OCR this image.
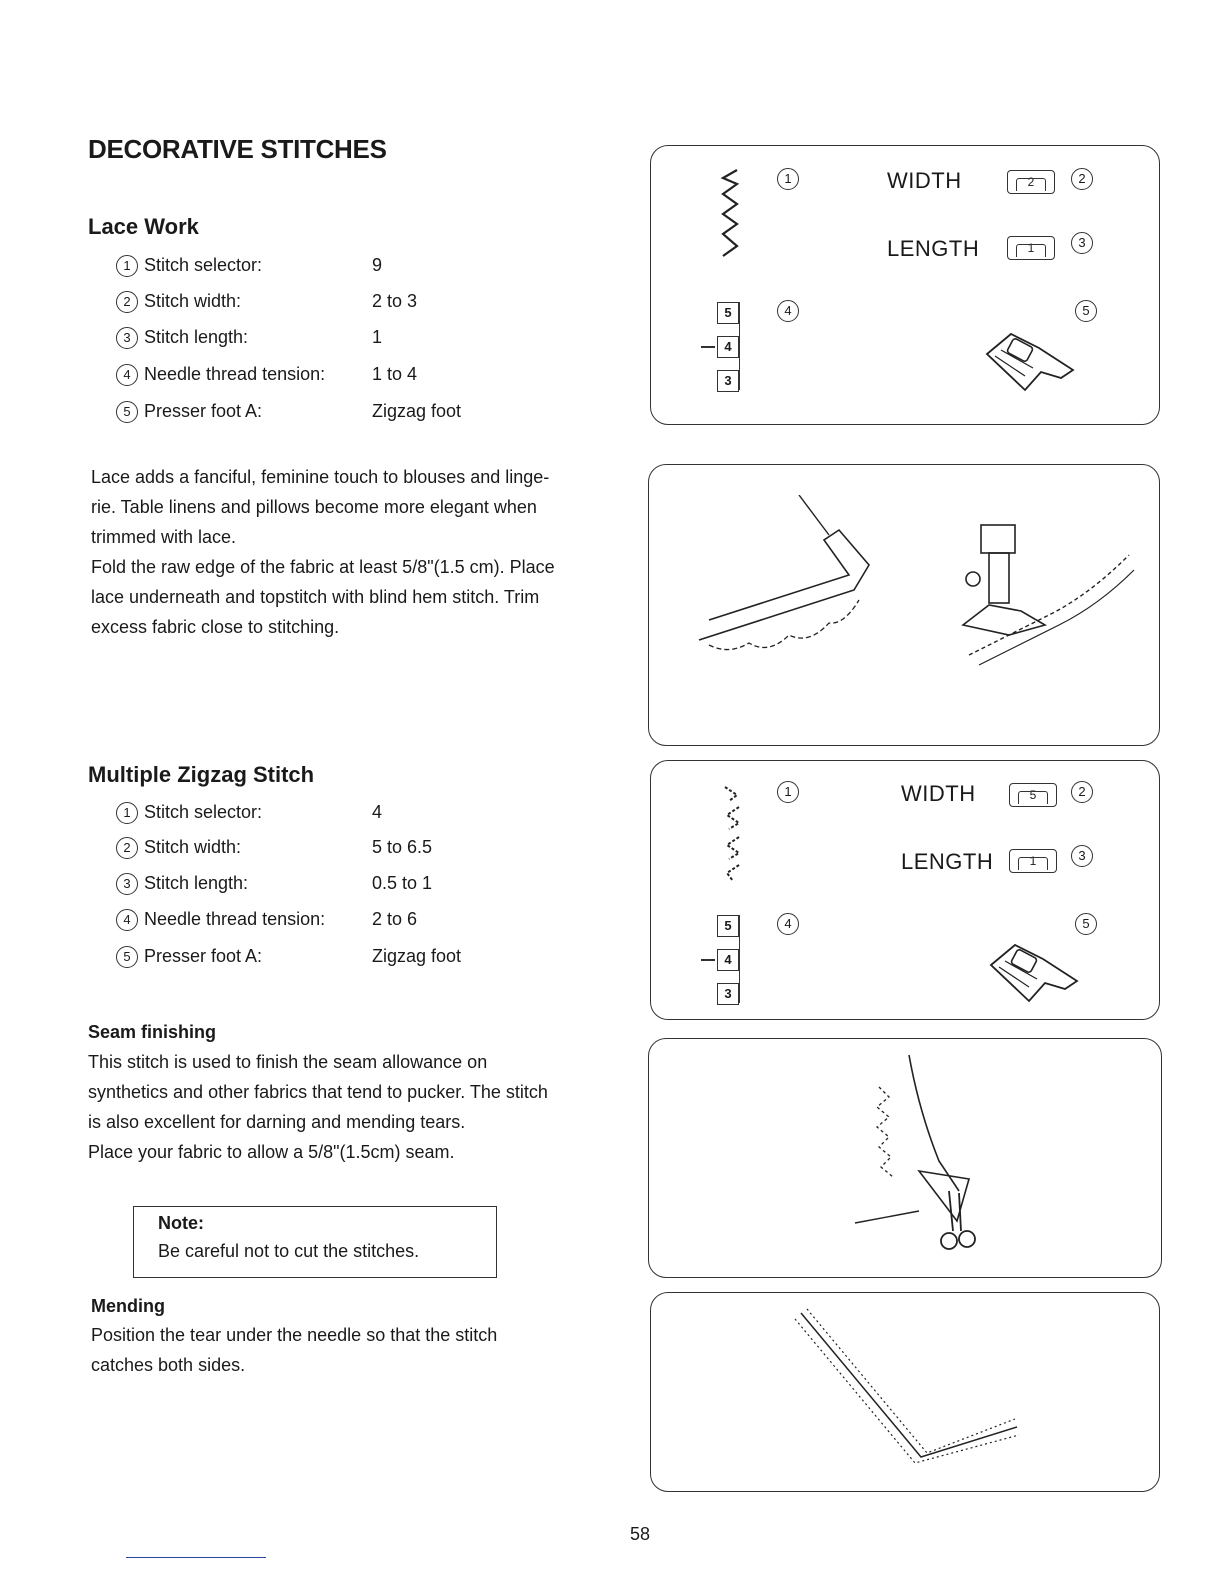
DECORATIVE STITCHES
Lace Work
1 Stitch selector:	9
2 Stitch width:	2 to 3
3 Stitch length:	1
4 Needle thread tension:	1 to 4
5 Presser foot A:	Zigzag foot
Lace adds a fanciful, feminine touch to blouses and linge-
rie. Table linens and pillows become more elegant when
trimmed with lace.
Fold the raw edge of the fabric at least 5/8"(1.5 cm). Place
lace underneath and topstitch with blind hem stitch. Trim
excess fabric close to stitching.
Multiple Zigzag Stitch
1 Stitch selector:	4
2 Stitch width:	5 to 6.5
3 Stitch length:	0.5 to 1
4 Needle thread tension:	2 to 6
5 Presser foot A:	Zigzag foot
Seam finishing
This stitch is used to finish the seam allowance on
synthetics and other fabrics that tend to pucker. The stitch
is also excellent for darning and mending tears.
Place your fabric to allow a 5/8"(1.5cm) seam.
Note:
Be careful not to cut the stitches.
Mending
Position the tear under the needle so that the stitch
catches both sides.
1	WIDTH	2	2
LENGTH	1	3
5
4
3
4	5
1	WIDTH	5	2
LENGTH	1	3
5
4
3
4	5
58
